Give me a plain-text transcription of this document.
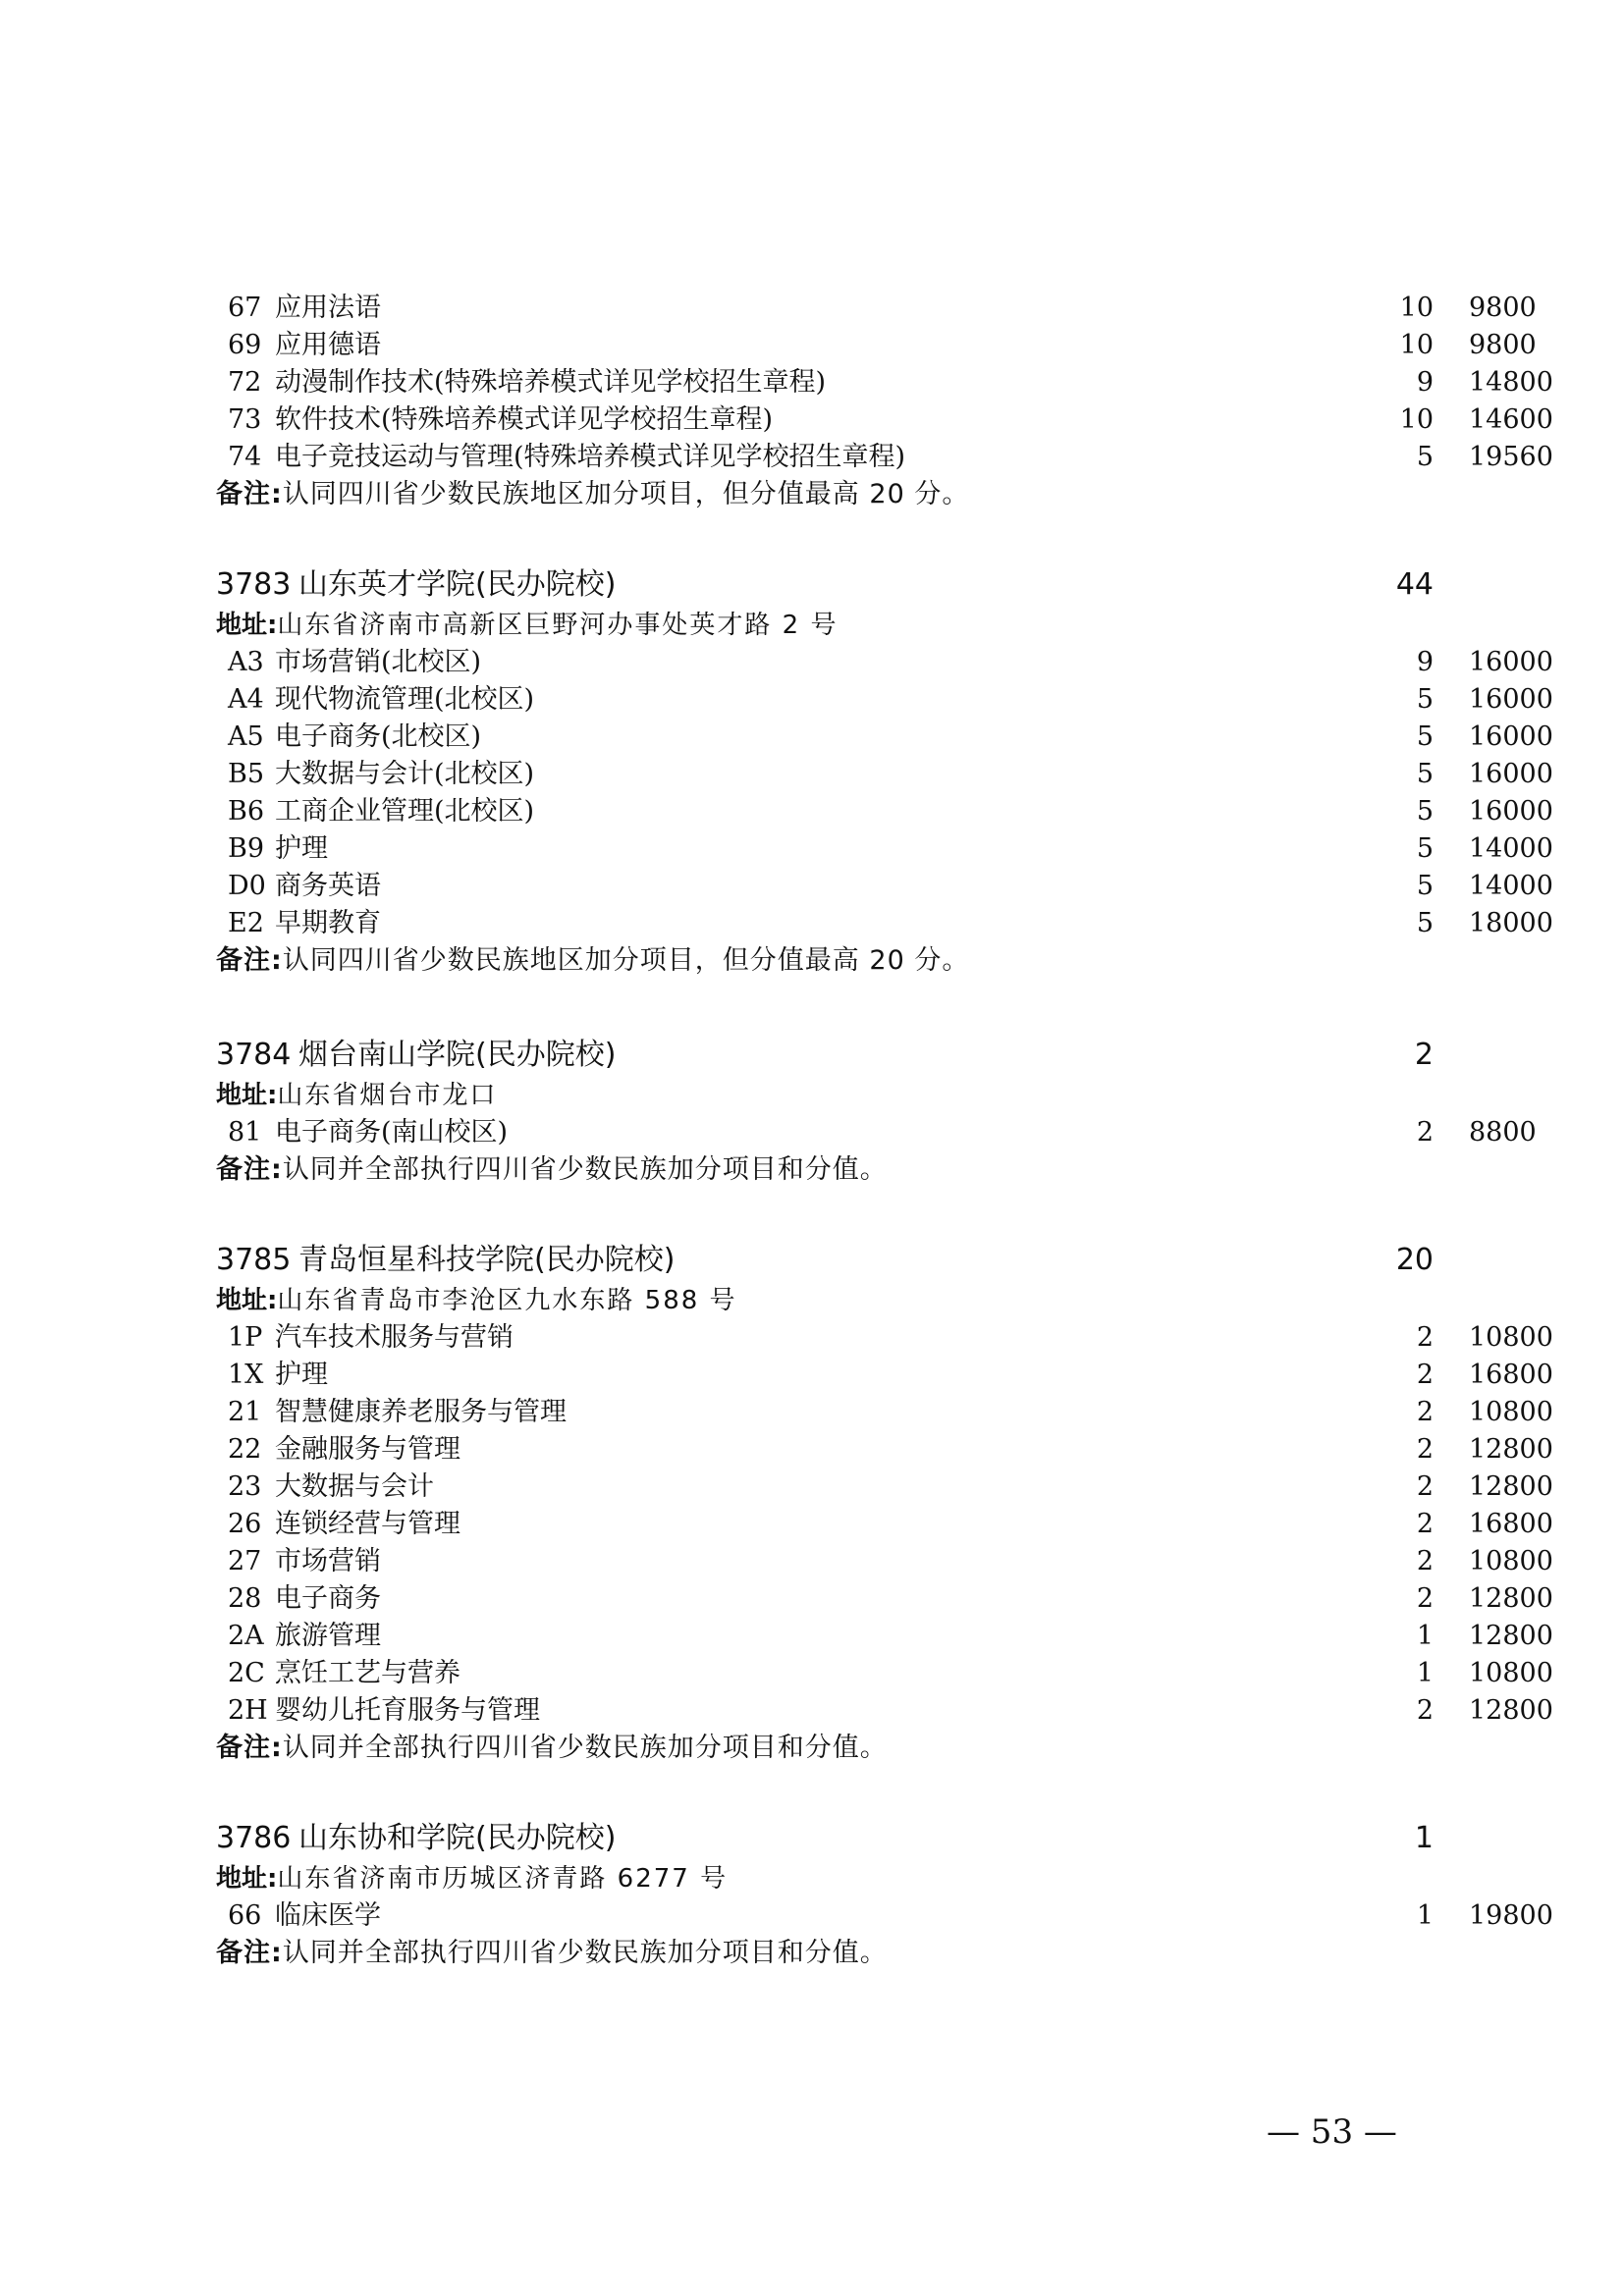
67 应用法语	10 9800
69 应用德语	10 9800
72 动漫制作技术(特殊培养模式详见学校招生章程)	9 14800
73 软件技术(特殊培养模式详见学校招生章程)	10 14600
74 电子竞技运动与管理(特殊培养模式详见学校招生章程)	5 19560
备注:认同四川省少数民族地区加分项目，但分值最高 20 分。
3783 山东英才学院(民办院校)	44
地址:山东省济南市高新区巨野河办事处英才路 2 号
A3 市场营销(北校区)	9 16000
A4 现代物流管理(北校区)	5 16000
A5 电子商务(北校区)	5 16000
B5 大数据与会计(北校区)	5 16000
B6 工商企业管理(北校区)	5 16000
B9 护理	5 14000
D0 商务英语	5 14000
E2 早期教育	5 18000
备注:认同四川省少数民族地区加分项目，但分值最高 20 分。
3784 烟台南山学院(民办院校)	2
地址:山东省烟台市龙口
81 电子商务(南山校区)	2 8800
备注:认同并全部执行四川省少数民族加分项目和分值。
3785 青岛恒星科技学院(民办院校)	20
地址:山东省青岛市李沧区九水东路 588 号
1P 汽车技术服务与营销	2 10800
1X 护理	2 16800
21 智慧健康养老服务与管理	2 10800
22 金融服务与管理	2 12800
23 大数据与会计	2 12800
26 连锁经营与管理	2 16800
27 市场营销	2 10800
28 电子商务	2 12800
2A 旅游管理	1 12800
2C 烹饪工艺与营养	1 10800
2H 婴幼儿托育服务与管理	2 12800
备注:认同并全部执行四川省少数民族加分项目和分值。
3786 山东协和学院(民办院校)	1
地址:山东省济南市历城区济青路 6277 号
66 临床医学	1 19800
备注:认同并全部执行四川省少数民族加分项目和分值。
— 53 —
